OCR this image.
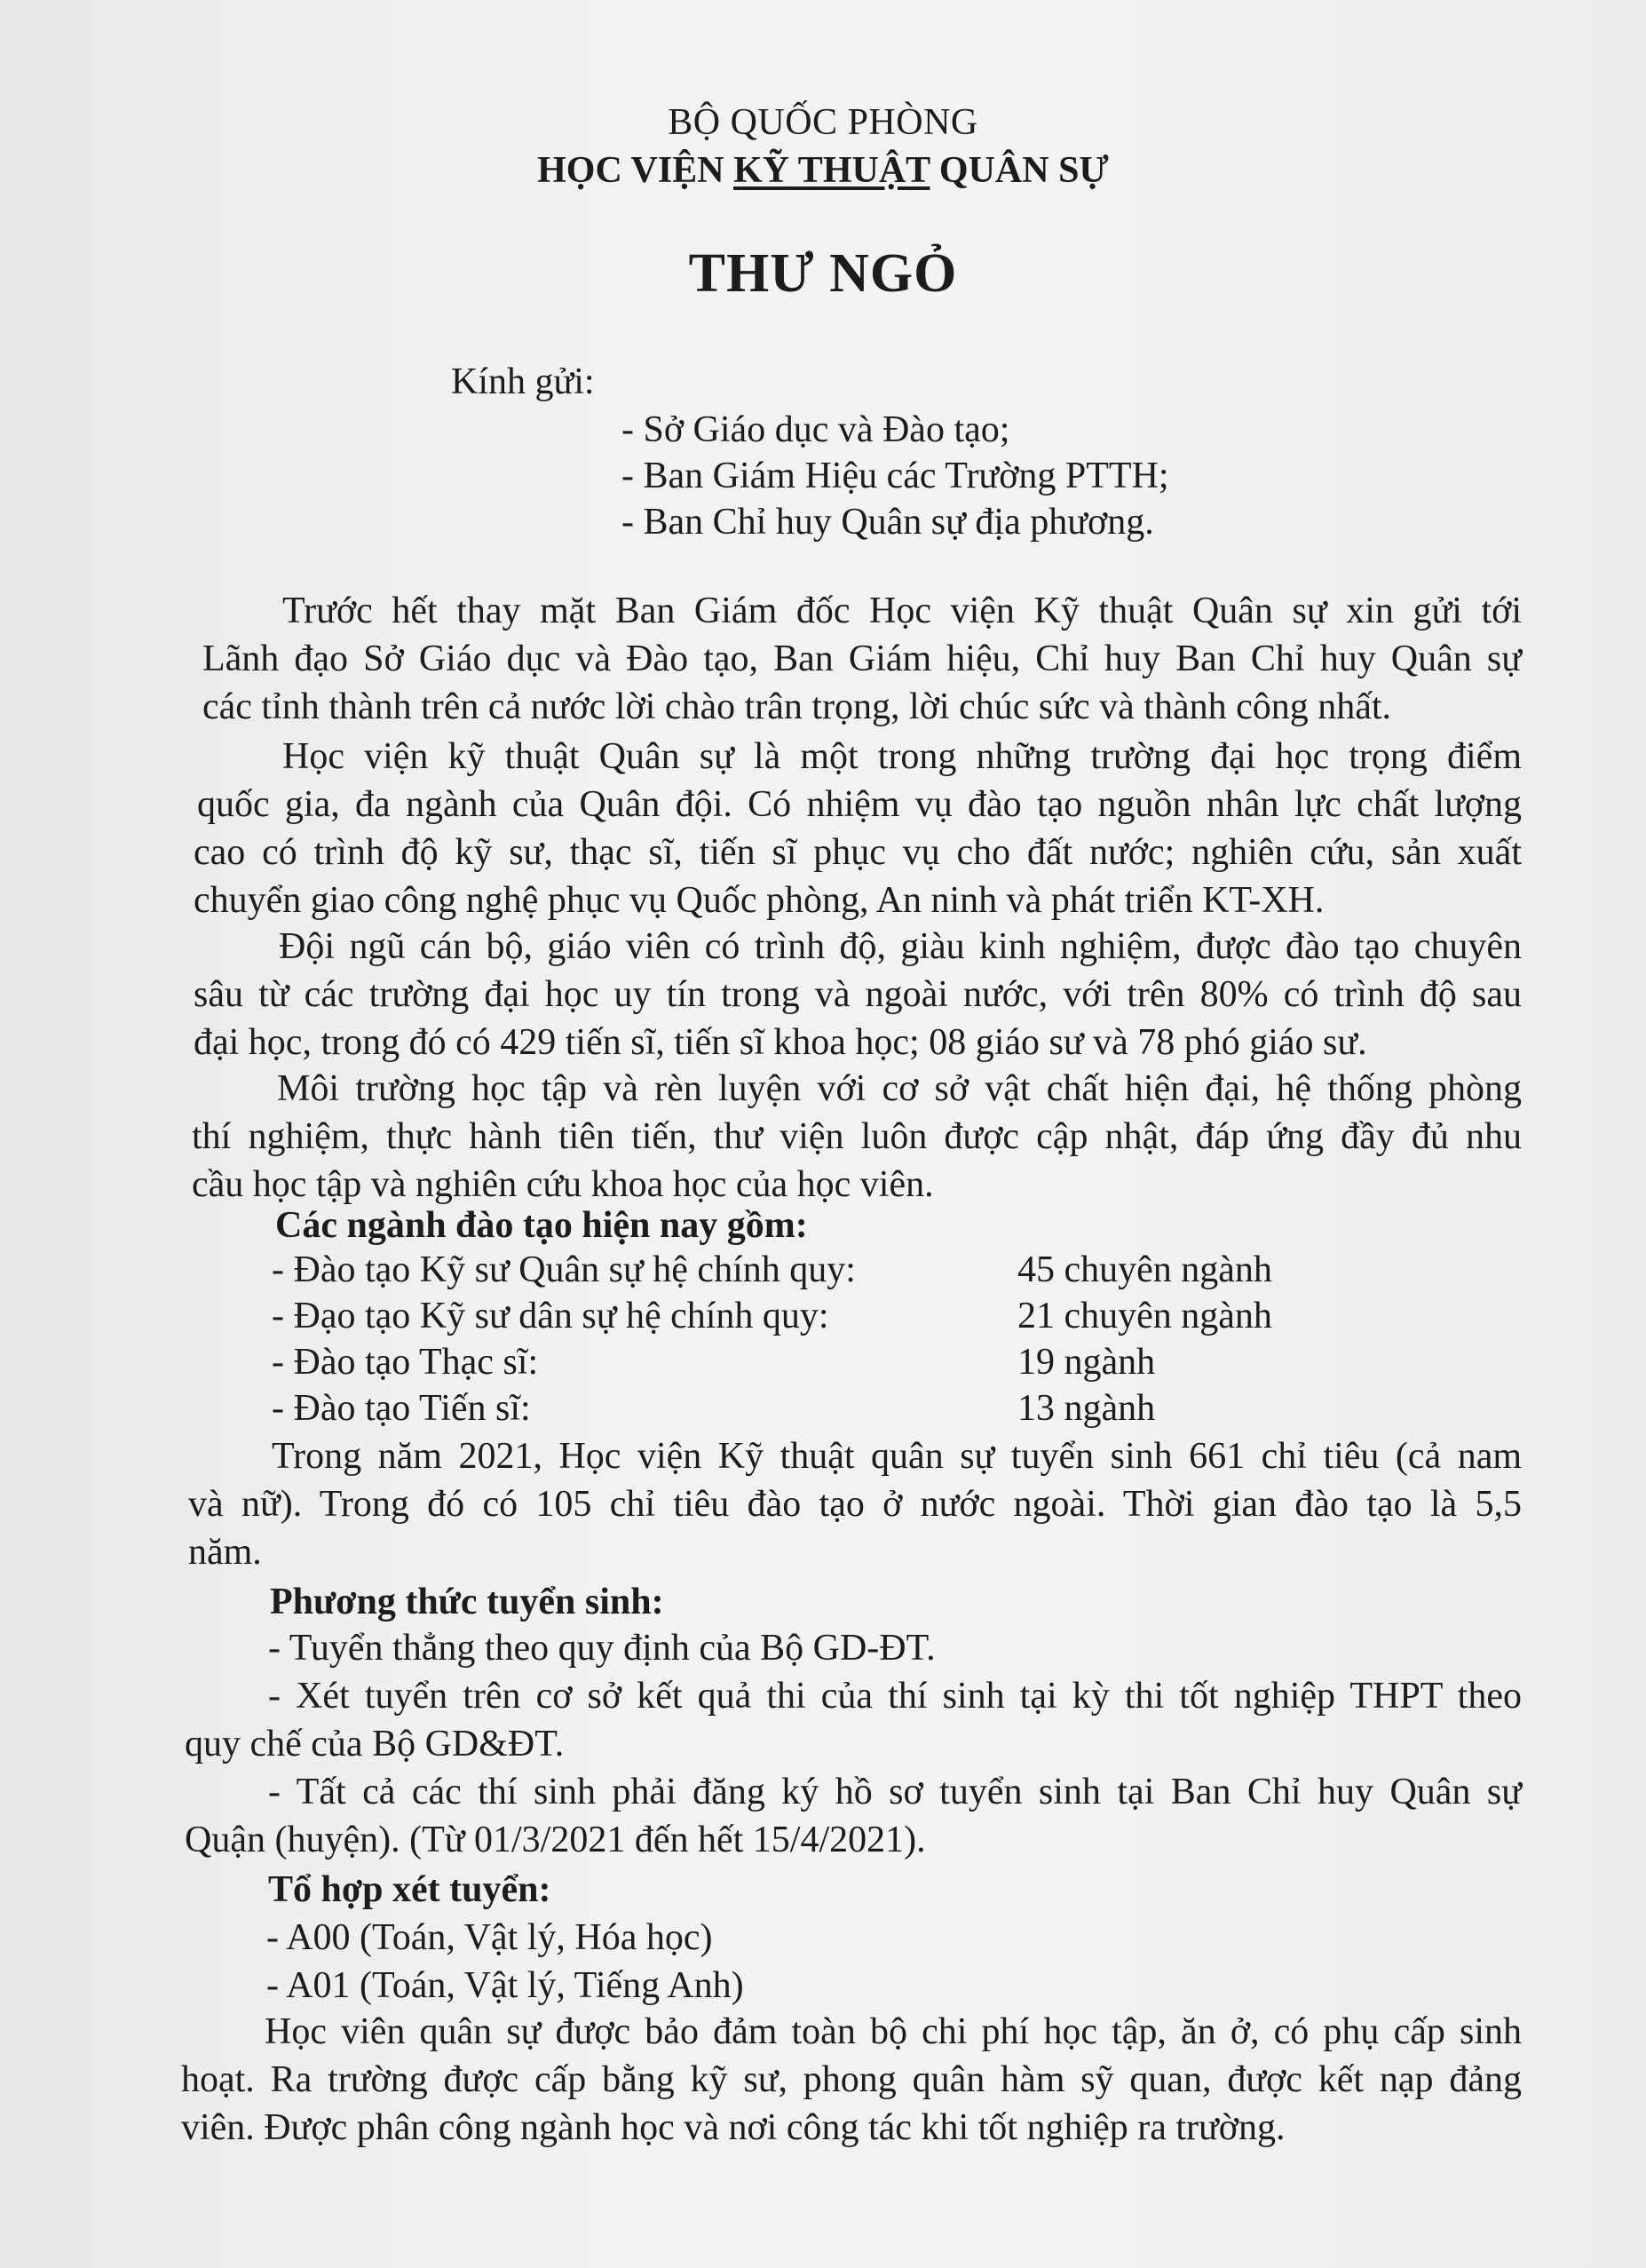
BỘ QUỐC PHÒNG
HỌC VIỆN KỸ THUẬT QUÂN SỰ
THƯ NGỎ
Kính gửi:
- Sở Giáo dục và Đào tạo;
- Ban Giám Hiệu các Trường PTTH;
- Ban Chỉ huy Quân sự địa phương.
Trước hết thay mặt Ban Giám đốc Học viện Kỹ thuật Quân sự xin gửi tới
Lãnh đạo Sở Giáo dục và Đào tạo, Ban Giám hiệu, Chỉ huy Ban Chỉ huy Quân sự
các tỉnh thành trên cả nước lời chào trân trọng, lời chúc sức và thành công nhất.
Học viện kỹ thuật Quân sự là một trong những trường đại học trọng điểm
quốc gia, đa ngành của Quân đội. Có nhiệm vụ đào tạo nguồn nhân lực chất lượng
cao có trình độ kỹ sư, thạc sĩ, tiến sĩ phục vụ cho đất nước; nghiên cứu, sản xuất
chuyển giao công nghệ phục vụ Quốc phòng, An ninh và phát triển KT-XH.
Đội ngũ cán bộ, giáo viên có trình độ, giàu kinh nghiệm, được đào tạo chuyên
sâu từ các trường đại học uy tín trong và ngoài nước, với trên 80% có trình độ sau
đại học, trong đó có 429 tiến sĩ, tiến sĩ khoa học; 08 giáo sư và 78 phó giáo sư.
Môi trường học tập và rèn luyện với cơ sở vật chất hiện đại, hệ thống phòng
thí nghiệm, thực hành tiên tiến, thư viện luôn được cập nhật, đáp ứng đầy đủ nhu
cầu học tập và nghiên cứu khoa học của học viên.
Các ngành đào tạo hiện nay gồm:
- Đào tạo Kỹ sư Quân sự hệ chính quy:	45 chuyên ngành
- Đạo tạo Kỹ sư dân sự hệ chính quy:	21 chuyên ngành
- Đào tạo Thạc sĩ:	19 ngành
- Đào tạo Tiến sĩ:	13 ngành
Trong năm 2021, Học viện Kỹ thuật quân sự tuyển sinh 661 chỉ tiêu (cả nam
và nữ). Trong đó có 105 chỉ tiêu đào tạo ở nước ngoài. Thời gian đào tạo là 5,5
năm.
Phương thức tuyển sinh:
- Tuyển thẳng theo quy định của Bộ GD-ĐT.
- Xét tuyển trên cơ sở kết quả thi của thí sinh tại kỳ thi tốt nghiệp THPT theo
quy chế của Bộ GD&ĐT.
- Tất cả các thí sinh phải đăng ký hồ sơ tuyển sinh tại Ban Chỉ huy Quân sự
Quận (huyện). (Từ 01/3/2021 đến hết 15/4/2021).
Tổ hợp xét tuyển:
- A00 (Toán, Vật lý, Hóa học)
- A01 (Toán, Vật lý, Tiếng Anh)
Học viên quân sự được bảo đảm toàn bộ chi phí học tập, ăn ở, có phụ cấp sinh
hoạt. Ra trường được cấp bằng kỹ sư, phong quân hàm sỹ quan, được kết nạp đảng
viên. Được phân công ngành học và nơi công tác khi tốt nghiệp ra trường.
